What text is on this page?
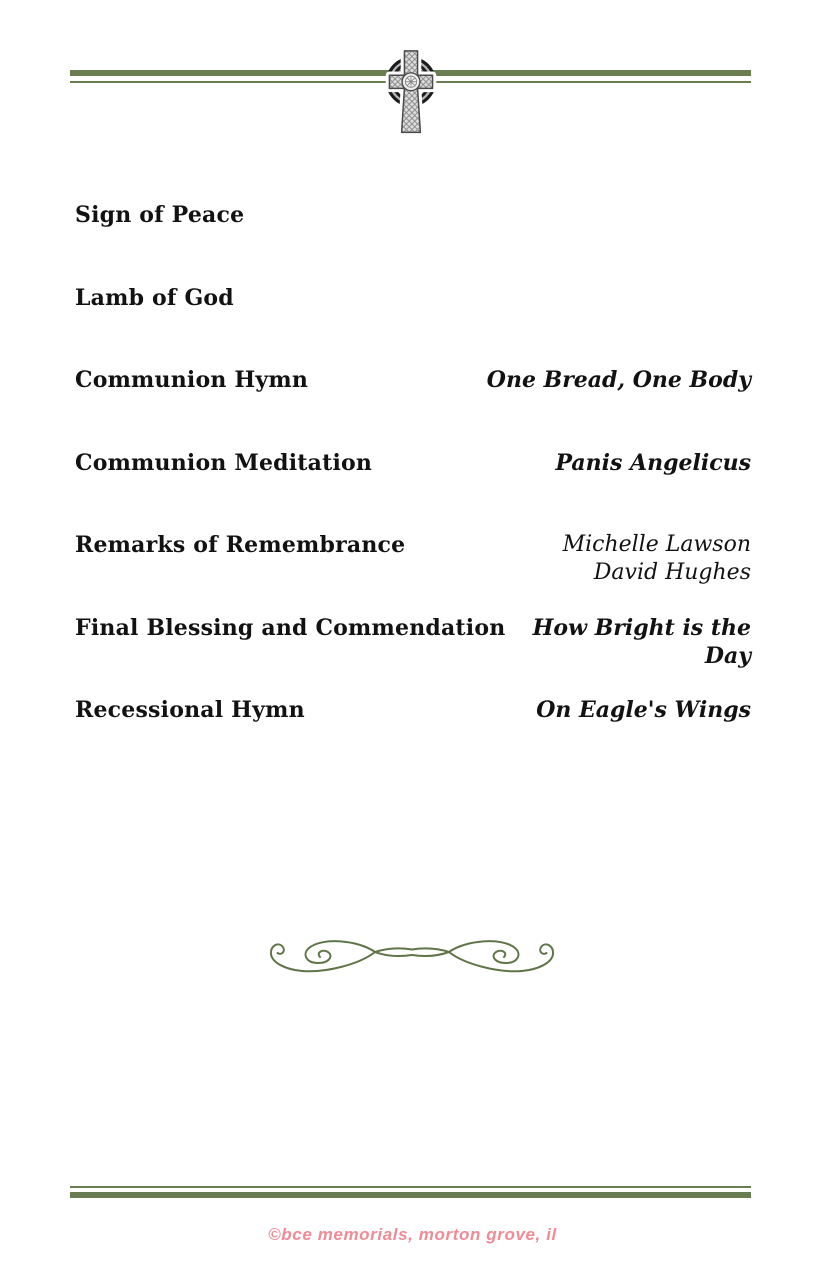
Sign of Peace
Lamb of God
Communion Hymn	One Bread, One Body
Communion Meditation	Panis Angelicus
Remarks of Remembrance	Michelle Lawson
David Hughes
Final Blessing and Commendation	How Bright is the Day
Recessional Hymn	On Eagle's Wings
©bce memorials, morton grove, il
